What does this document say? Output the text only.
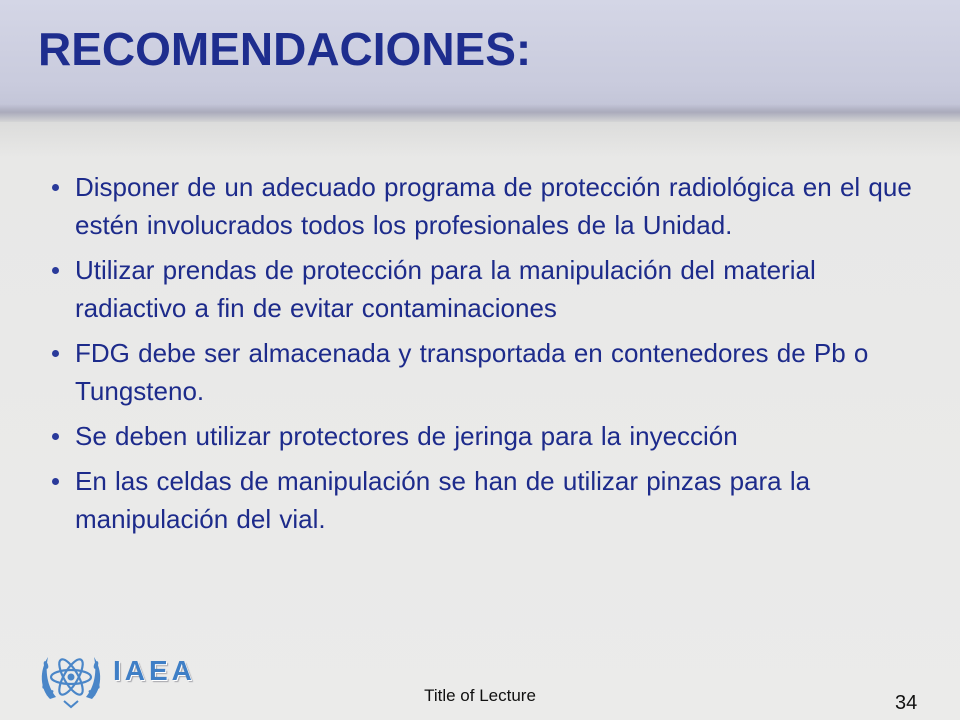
RECOMENDACIONES:
Disponer de un adecuado programa de protección radiológica en el que estén involucrados todos los profesionales de la Unidad.
Utilizar prendas de protección para la manipulación del material radiactivo a fin de evitar contaminaciones
FDG debe ser almacenada y transportada en contenedores de Pb o Tungsteno.
Se deben utilizar protectores de jeringa para la inyección
En las celdas de manipulación se han de utilizar pinzas para la manipulación del vial.
IAEA
Title of Lecture	34
